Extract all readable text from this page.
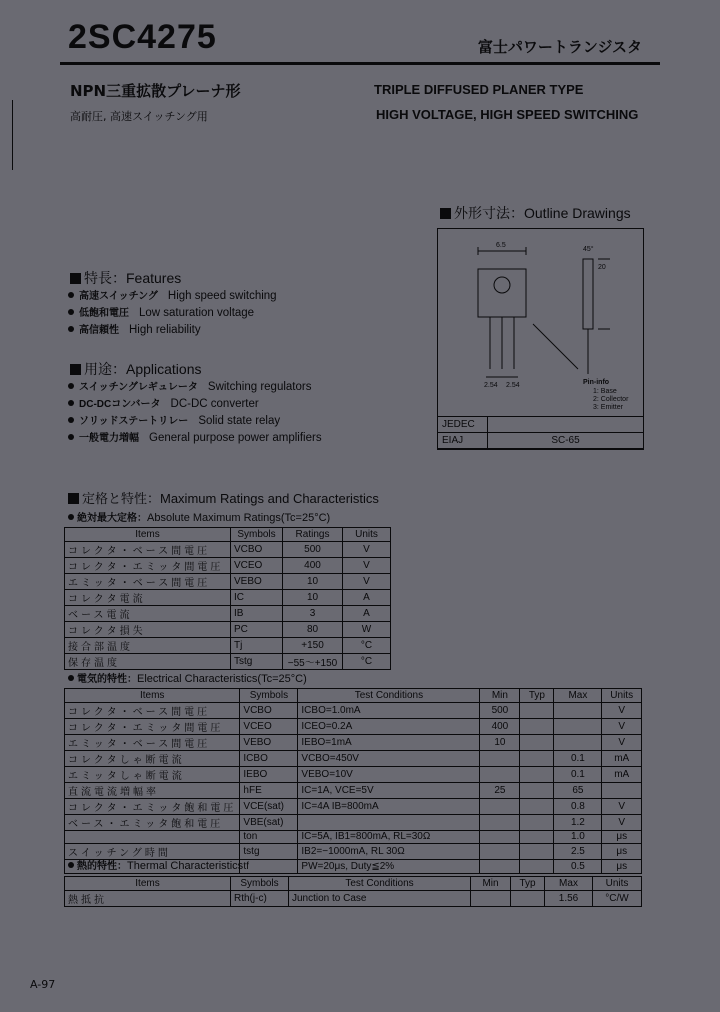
2SC4275	富士パワートランジスタ
NPN三重拡散プレーナ形
高耐圧, 高速スイッチング用
TRIPLE DIFFUSED PLANER TYPE
HIGH VOLTAGE, HIGH SPEED SWITCHING
外形寸法：Outline Drawings
6.5
45°
20
2.54 2.54	Pin-info
1: Base
2: Collector
3: Emitter
JEDEC	
EIAJ	SC-65
特長：Features
高速スイッチング High speed switching
低飽和電圧 Low saturation voltage
高信頼性 High reliability
用途：Applications
スイッチングレギュレータ Switching regulators
DC-DCコンバータ DC-DC converter
ソリッドステートリレー Solid state relay
一般電力増幅 General purpose power amplifiers
定格と特性：Maximum Ratings and Characteristics
絶対最大定格：Absolute Maximum Ratings(Tc=25°C)
Items	Symbols	Ratings	Units
コレクタ・ベース間電圧	VCBO	500	V
コレクタ・エミッタ間電圧	VCEO	400	V
エミッタ・ベース間電圧	VEBO	10	V
コレクタ電流	IC	10	A
ベース電流	IB	3	A
コレクタ損失	PC	80	W
接合部温度	Tj	+150	°C
保存温度	Tstg	−55〜+150	°C
電気的特性：Electrical Characteristics(Tc=25°C)
Items	Symbols	Test Conditions	Min	Typ	Max	Units
コレクタ・ベース間電圧	VCBO	ICBO=1.0mA	500			V
コレクタ・エミッタ間電圧	VCEO	ICEO=0.2A	400			V
エミッタ・ベース間電圧	VEBO	IEBO=1mA	10			V
コレクタしゃ断電流	ICBO	VCBO=450V			0.1	mA
エミッタしゃ断電流	IEBO	VEBO=10V			0.1	mA
直流電流増幅率	hFE	IC=1A, VCE=5V	25		65	
コレクタ・エミッタ飽和電圧	VCE(sat)	IC=4A IB=800mA			0.8	V
ベース・エミッタ飽和電圧	VBE(sat)				1.2	V
	ton	IC=5A, IB1=800mA, RL=30Ω			1.0	μs
スイッチング時間	tstg	IB2=−1000mA, RL 30Ω			2.5	μs
	tf	PW=20μs, Duty≦2%			0.5	μs
熱的特性：Thermal Characteristics
Items	Symbols	Test Conditions	Min	Typ	Max	Units
熱抵抗	Rth(j-c)	Junction to Case			1.56	°C/W
A-97
